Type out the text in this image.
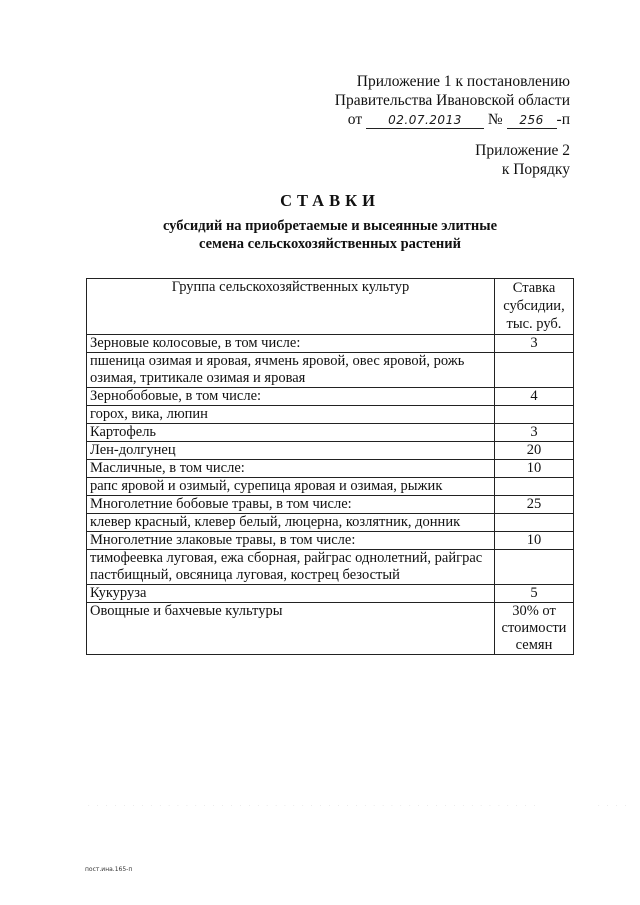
Приложение 1 к постановлению
Правительства Ивановской области
от 02.07.2013 № 256 -п
Приложение 2
к Порядку
СТАВКИ
субсидий на приобретаемые и высеянные элитные
семена сельскохозяйственных растений
Группа сельскохозяйственных культур	Ставка
субсидии,
тыс. руб.

Зерновые колосовые, в том числе:	3
пшеница озимая и яровая, ячмень яровой, овес яровой, рожь озимая, тритикале озимая и яровая	
Зернобобовые, в том числе:	4
горох, вика, люпин	
Картофель	3
Лен-долгунец	20
Масличные, в том числе:	10
рапс яровой и озимый, сурепица яровая и озимая, рыжик	
Многолетние бобовые травы, в том числе:	25
клевер красный, клевер белый, люцерна, козлятник, донник	
Многолетние злаковые травы, в том числе:	10
тимофеевка луговая, ежа сборная, райграс однолетний, райграс пастбищный, овсяница луговая, кострец безостый	
Кукуруза	5
Овощные и бахчевые культуры	30% от
стоимости
семян
· · · · · · · · · · · · · · · · · · · · · · · · · · · · · · · · · · · · · · · · · · · · · · · · · · ·	· · · ·
пост.ина.165-п
